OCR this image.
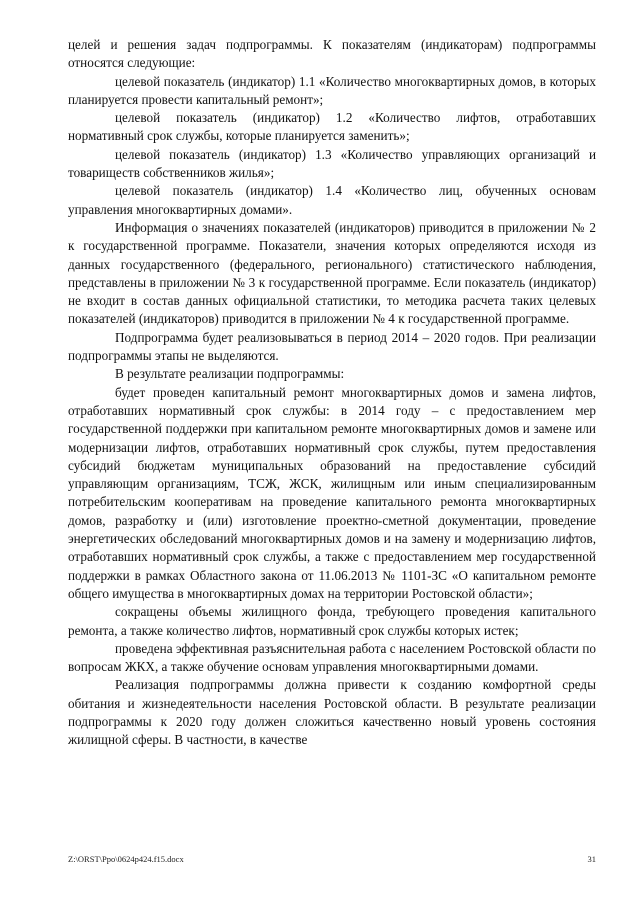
целей и решения задач подпрограммы. К показателям (индикаторам) подпрограммы относятся следующие:

целевой показатель (индикатор) 1.1 «Количество многоквартирных домов, в которых планируется провести капитальный ремонт»;

целевой показатель (индикатор) 1.2 «Количество лифтов, отработавших нормативный срок службы, которые планируется заменить»;

целевой показатель (индикатор) 1.3 «Количество управляющих организаций и товариществ собственников жилья»;

целевой показатель (индикатор) 1.4 «Количество лиц, обученных основам управления многоквартирных домами».

Информация о значениях показателей (индикаторов) приводится в приложении № 2 к государственной программе. Показатели, значения которых определяются исходя из данных государственного (федерального, регионального) статистического наблюдения, представлены в приложении № 3 к государственной программе. Если показатель (индикатор) не входит в состав данных официальной статистики, то методика расчета таких целевых показателей (индикаторов) приводится в приложении № 4 к государственной программе.

Подпрограмма будет реализовываться в период 2014 – 2020 годов. При реализации подпрограммы этапы не выделяются.

В результате реализации подпрограммы:

будет проведен капитальный ремонт многоквартирных домов и замена лифтов, отработавших нормативный срок службы: в 2014 году – с предоставлением мер государственной поддержки при капитальном ремонте многоквартирных домов и замене или модернизации лифтов, отработавших нормативный срок службы, путем предоставления субсидий бюджетам муниципальных образований на предоставление субсидий управляющим организациям, ТСЖ, ЖСК, жилищным или иным специализированным потребительским кооперативам на проведение капитального ремонта многоквартирных домов, разработку и (или) изготовление проектно-сметной документации, проведение энергетических обследований многоквартирных домов и на замену и модернизацию лифтов, отработавших нормативный срок службы, а также с предоставлением мер государственной поддержки в рамках Областного закона от 11.06.2013 № 1101-ЗС «О капитальном ремонте общего имущества в многоквартирных домах на территории Ростовской области»;

сокращены объемы жилищного фонда, требующего проведения капитального ремонта, а также количество лифтов, нормативный срок службы которых истек;

проведена эффективная разъяснительная работа с населением Ростовской области по вопросам ЖКХ, а также обучение основам управления многоквартирными домами.

Реализация подпрограммы должна привести к созданию комфортной среды обитания и жизнедеятельности населения Ростовской области. В результате реализации подпрограммы к 2020 году должен сложиться качественно новый уровень состояния жилищной сферы. В частности, в качестве

Z:\ORST\Ppo\0624p424.f15.docx	31
